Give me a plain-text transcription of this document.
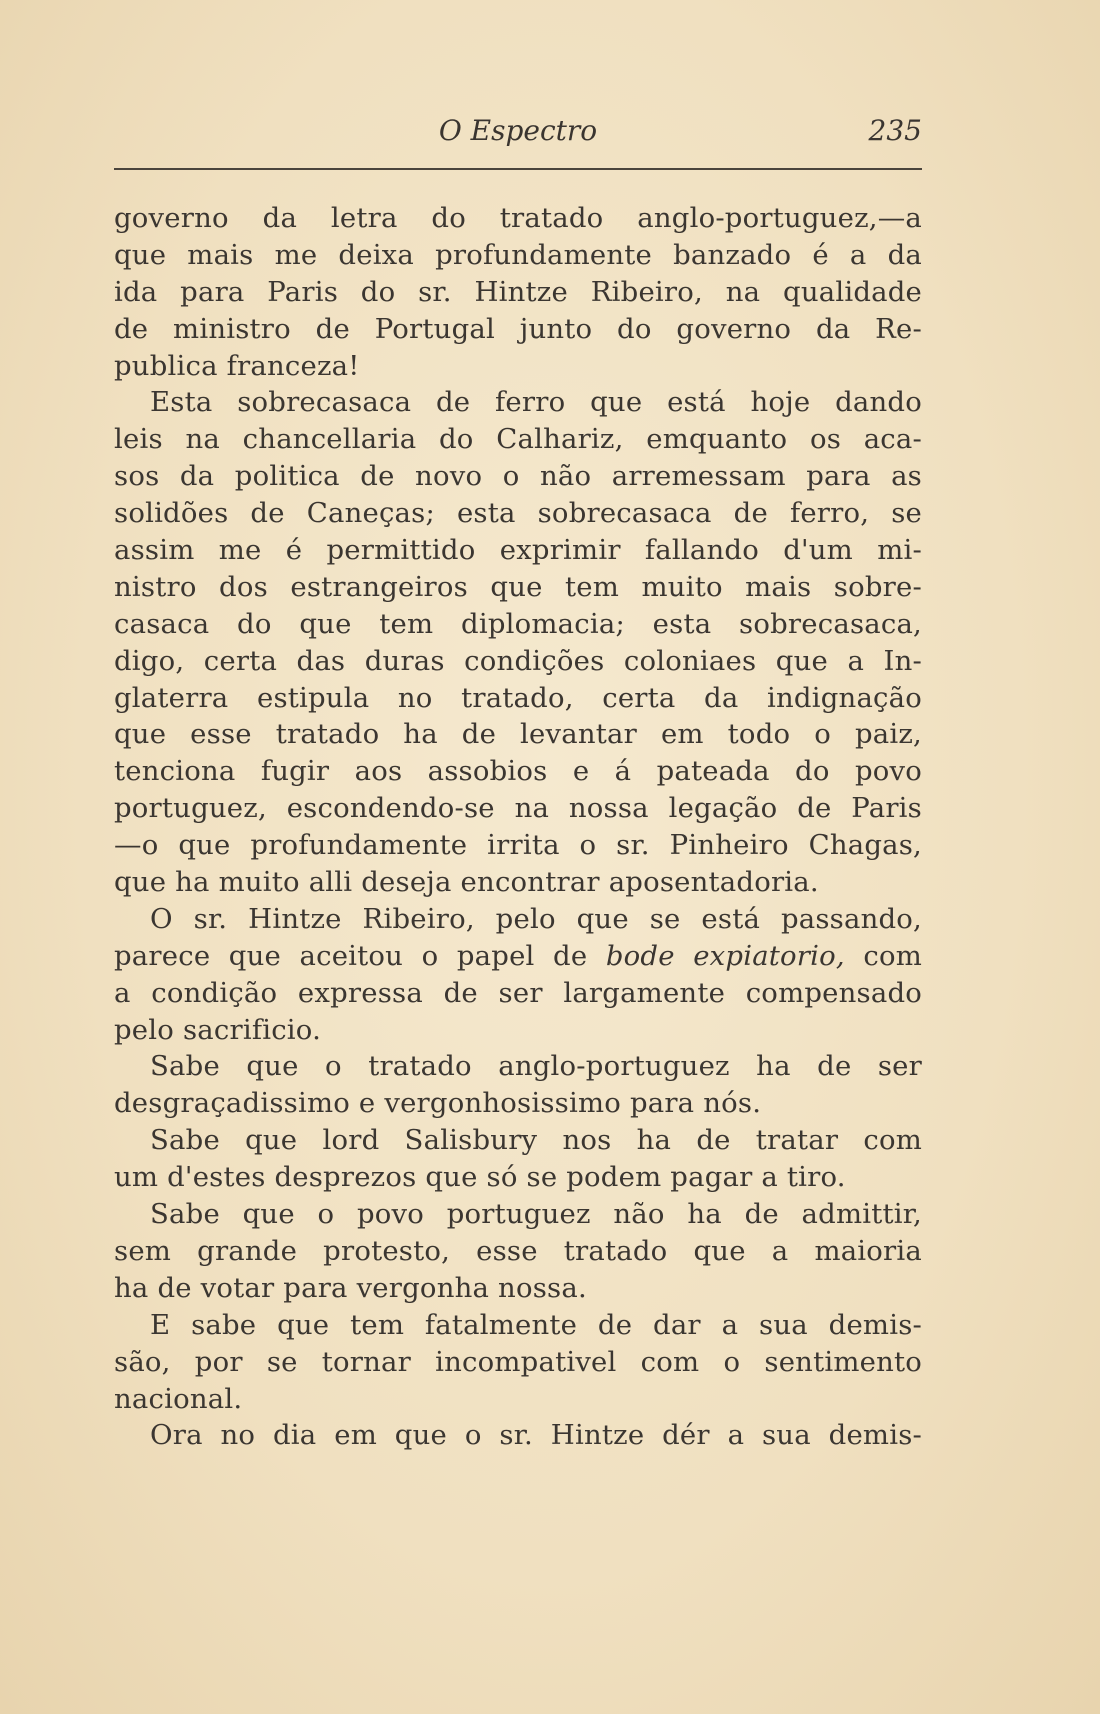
O Espectro	235
governo da letra do tratado anglo-portuguez,—a
que mais me deixa profundamente banzado é a da
ida para Paris do sr. Hintze Ribeiro, na qualidade
de ministro de Portugal junto do governo da Re-
publica franceza!
Esta sobrecasaca de ferro que está hoje dando
leis na chancellaria do Calhariz, emquanto os aca-
sos da politica de novo o não arremessam para as
solidões de Caneças; esta sobrecasaca de ferro, se
assim me é permittido exprimir fallando d'um mi-
nistro dos estrangeiros que tem muito mais sobre-
casaca do que tem diplomacia; esta sobrecasaca,
digo, certa das duras condições coloniaes que a In-
glaterra estipula no tratado, certa da indignação
que esse tratado ha de levantar em todo o paiz,
tenciona fugir aos assobios e á pateada do povo
portuguez, escondendo-se na nossa legação de Paris
—o que profundamente irrita o sr. Pinheiro Chagas,
que ha muito alli deseja encontrar aposentadoria.
O sr. Hintze Ribeiro, pelo que se está passando,
parece que aceitou o papel de bode expiatorio, com
a condição expressa de ser largamente compensado
pelo sacrificio.
Sabe que o tratado anglo-portuguez ha de ser
desgraçadissimo e vergonhosissimo para nós.
Sabe que lord Salisbury nos ha de tratar com
um d'estes desprezos que só se podem pagar a tiro.
Sabe que o povo portuguez não ha de admittir,
sem grande protesto, esse tratado que a maioria
ha de votar para vergonha nossa.
E sabe que tem fatalmente de dar a sua demis-
são, por se tornar incompativel com o sentimento
nacional.
Ora no dia em que o sr. Hintze dér a sua demis-
